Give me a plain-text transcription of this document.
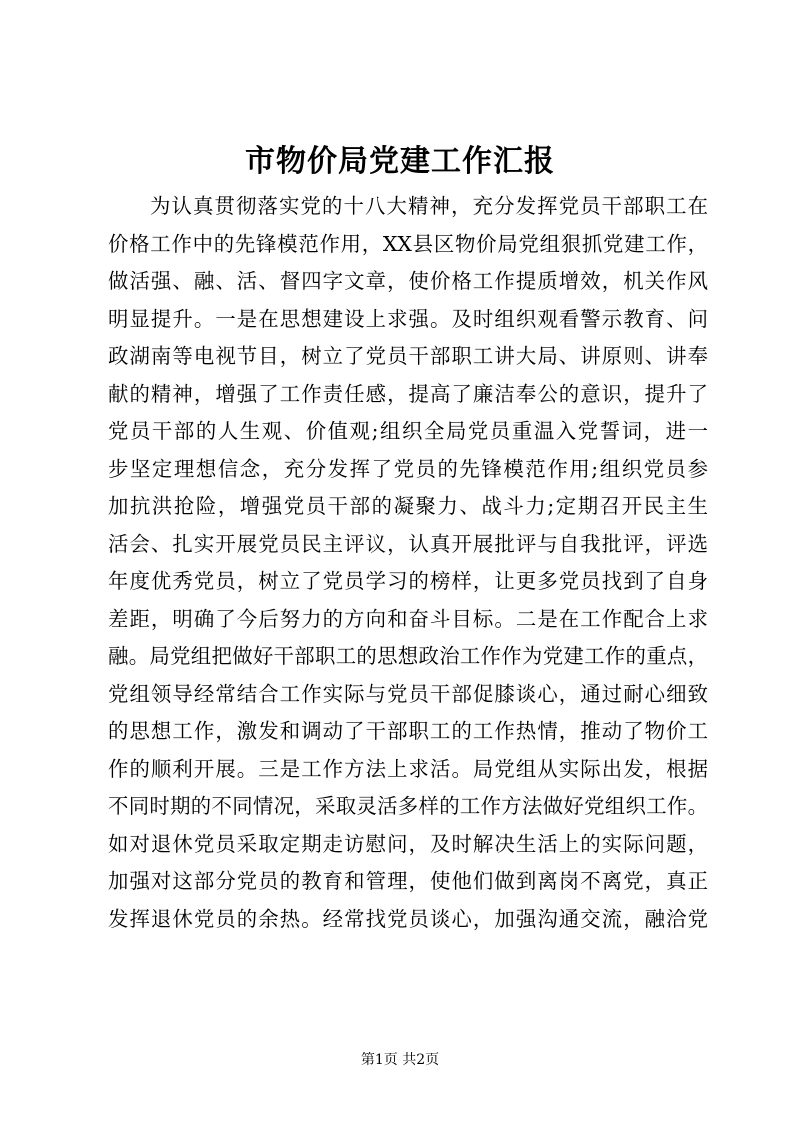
市物价局党建工作汇报
为认真贯彻落实党的十八大精神，充分发挥党员干部职工在
价格工作中的先锋模范作用，XX县区物价局党组狠抓党建工作，
做活强、融、活、督四字文章，使价格工作提质增效，机关作风
明显提升。一是在思想建设上求强。及时组织观看警示教育、问
政湖南等电视节目，树立了党员干部职工讲大局、讲原则、讲奉
献的精神，增强了工作责任感，提高了廉洁奉公的意识，提升了
党员干部的人生观、价值观;组织全局党员重温入党誓词，进一
步坚定理想信念，充分发挥了党员的先锋模范作用;组织党员参
加抗洪抢险，增强党员干部的凝聚力、战斗力;定期召开民主生
活会、扎实开展党员民主评议，认真开展批评与自我批评，评选
年度优秀党员，树立了党员学习的榜样，让更多党员找到了自身
差距，明确了今后努力的方向和奋斗目标。二是在工作配合上求
融。局党组把做好干部职工的思想政治工作作为党建工作的重点，
党组领导经常结合工作实际与党员干部促膝谈心，通过耐心细致
的思想工作，激发和调动了干部职工的工作热情，推动了物价工
作的顺利开展。三是工作方法上求活。局党组从实际出发，根据
不同时期的不同情况，采取灵活多样的工作方法做好党组织工作。
如对退休党员采取定期走访慰问，及时解决生活上的实际问题，
加强对这部分党员的教育和管理，使他们做到离岗不离党，真正
发挥退休党员的余热。经常找党员谈心，加强沟通交流，融洽党
第1页 共2页
